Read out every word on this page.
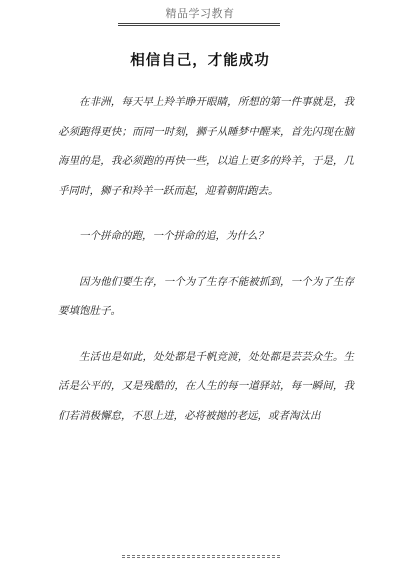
精品学习教育
相信自己，才能成功

在非洲，每天早上羚羊睁开眼睛，所想的第一件事就是，我必须跑得更快；而同一时刻，狮子从睡梦中醒来，首先闪现在脑海里的是，我必须跑的再快一些，以追上更多的羚羊，于是，几乎同时，狮子和羚羊一跃而起，迎着朝阳跑去。

一个拼命的跑，一个拼命的追，为什么？

因为他们要生存，一个为了生存不能被抓到，一个为了生存要填饱肚子。

生活也是如此，处处都是千帆竞渡，处处都是芸芸众生。生活是公平的，又是残酷的，在人生的每一道驿站，每一瞬间，我们若消极懈怠，不思上进，必将被拋的老远，或者淘汰出
